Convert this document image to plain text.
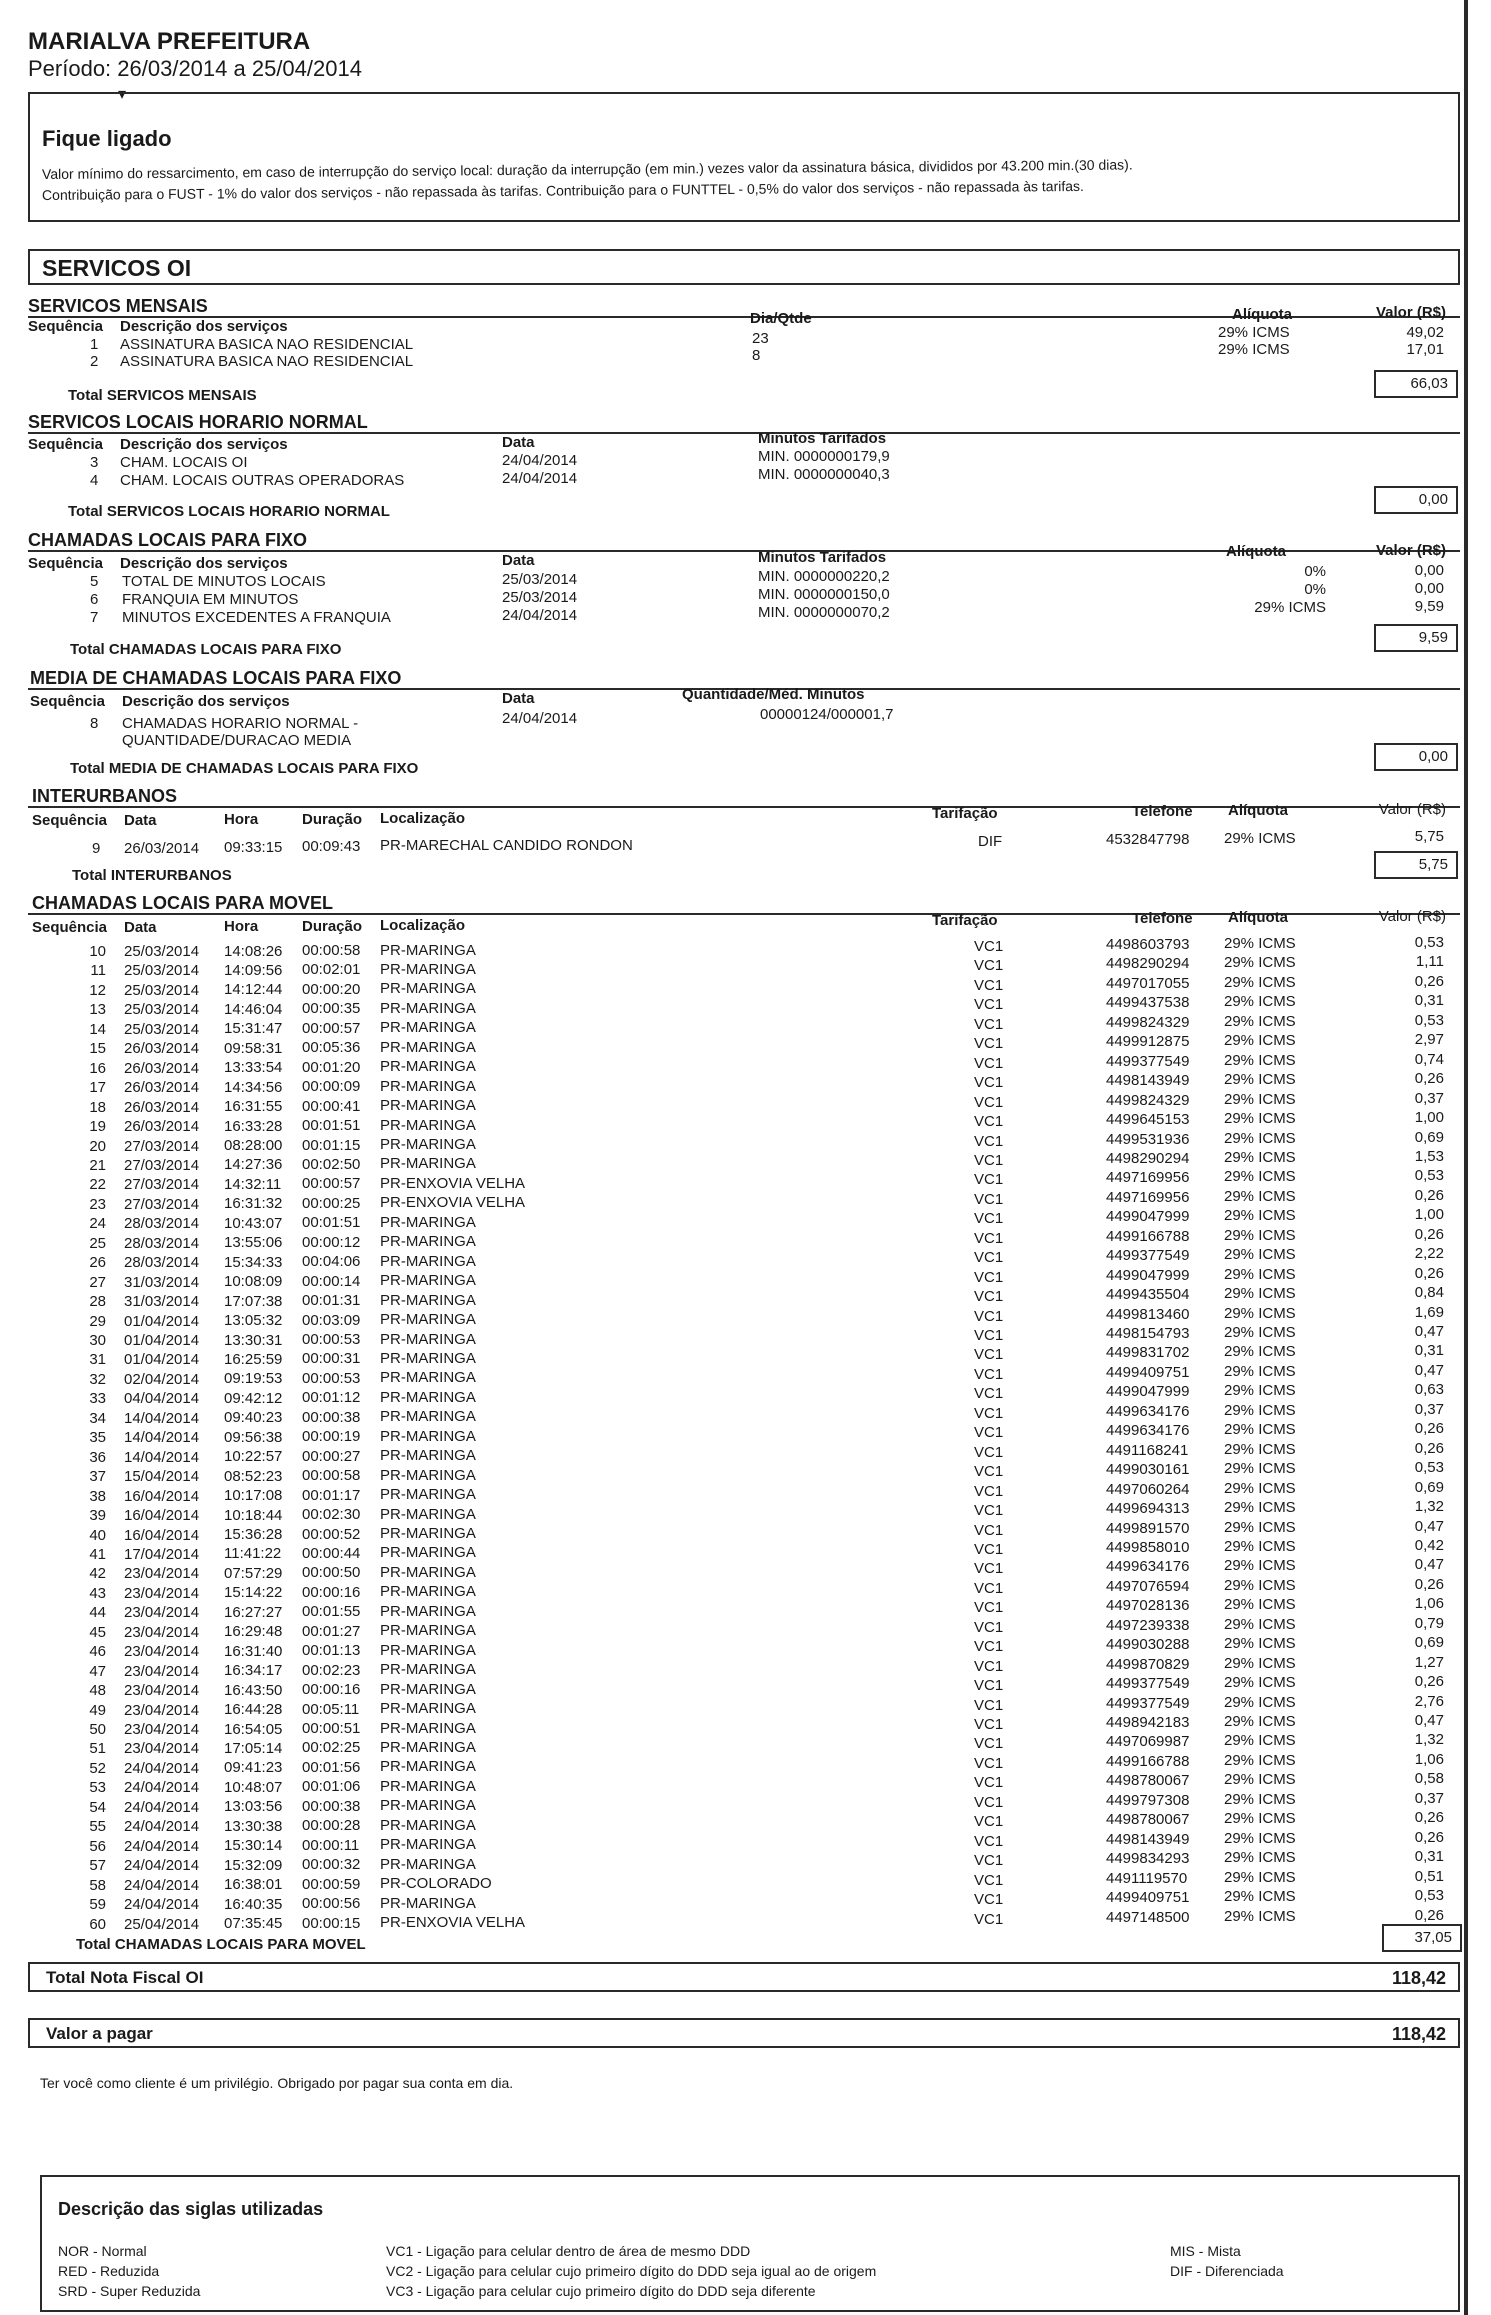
MARIALVA PREFEITURA
Período: 26/03/2014 a 25/04/2014
▾
Fique ligado
Valor mínimo do ressarcimento, em caso de interrupção do serviço local: duração da interrupção (em min.) vezes valor da assinatura básica, divididos por 43.200 min.(30 dias).
Contribuição para o FUST - 1% do valor dos serviços - não repassada às tarifas. Contribuição para o FUNTTEL - 0,5% do valor dos serviços - não repassada às tarifas.
SERVICOS OI
SERVICOS MENSAIS
Sequência Descrição dos serviços	Dia/Qtde	Alíquota	Valor (R$)
1 ASSINATURA BASICA NAO RESIDENCIAL	23	29% ICMS	49,02
2 ASSINATURA BASICA NAO RESIDENCIAL	8	29% ICMS	17,01
Total SERVICOS MENSAIS
66,03
SERVICOS LOCAIS HORARIO NORMAL
Sequência Descrição dos serviços	Data	Minutos Tarifados
3 CHAM. LOCAIS OI	24/04/2014	MIN. 0000000179,9
4 CHAM. LOCAIS OUTRAS OPERADORAS	24/04/2014	MIN. 0000000040,3
Total SERVICOS LOCAIS HORARIO NORMAL
0,00
CHAMADAS LOCAIS PARA FIXO
Sequência Descrição dos serviços	Data	Minutos Tarifados	Alíquota	Valor (R$)
5 TOTAL DE MINUTOS LOCAIS	25/03/2014	MIN. 0000000220,2	0%	0,00
6 FRANQUIA EM MINUTOS	25/03/2014	MIN. 0000000150,0	0%	0,00
7 MINUTOS EXCEDENTES A FRANQUIA	24/04/2014	MIN. 0000000070,2	29% ICMS	9,59
Total CHAMADAS LOCAIS PARA FIXO
9,59
MEDIA DE CHAMADAS LOCAIS PARA FIXO
Sequência Descrição dos serviços	Data	Quantidade/Méd. Minutos
8 CHAMADAS HORARIO NORMAL -
QUANTIDADE/DURACAO MEDIA
24/04/2014	00000124/000001,7
Total MEDIA DE CHAMADAS LOCAIS PARA FIXO
0,00
INTERURBANOS
Sequência Data	Hora	Duração Localização	Tarifação	Telefone Alíquota	Valor (R$)
9 26/03/2014 09:33:15 00:09:43 PR-MARECHAL CANDIDO RONDON	DIF	4532847798 29% ICMS	5,75
Total INTERURBANOS
5,75
CHAMADAS LOCAIS PARA MOVEL
Sequência Data	Hora	Duração Localização	Tarifação	Telefone Alíquota	Valor (R$)
10 25/03/2014 14:08:26 00:00:58 PR-MARINGA	VC1	4498603793 29% ICMS	0,53
11 25/03/2014 14:09:56 00:02:01 PR-MARINGA	VC1	4498290294 29% ICMS	1,11
12 25/03/2014 14:12:44 00:00:20 PR-MARINGA	VC1	4497017055 29% ICMS	0,26
13 25/03/2014 14:46:04 00:00:35 PR-MARINGA	VC1	4499437538 29% ICMS	0,31
14 25/03/2014 15:31:47 00:00:57 PR-MARINGA	VC1	4499824329 29% ICMS	0,53
15 26/03/2014 09:58:31 00:05:36 PR-MARINGA	VC1	4499912875 29% ICMS	2,97
16 26/03/2014 13:33:54 00:01:20 PR-MARINGA	VC1	4499377549 29% ICMS	0,74
17 26/03/2014 14:34:56 00:00:09 PR-MARINGA	VC1	4498143949 29% ICMS	0,26
18 26/03/2014 16:31:55 00:00:41 PR-MARINGA	VC1	4499824329 29% ICMS	0,37
19 26/03/2014 16:33:28 00:01:51 PR-MARINGA	VC1	4499645153 29% ICMS	1,00
20 27/03/2014 08:28:00 00:01:15 PR-MARINGA	VC1	4499531936 29% ICMS	0,69
21 27/03/2014 14:27:36 00:02:50 PR-MARINGA	VC1	4498290294 29% ICMS	1,53
22 27/03/2014 14:32:11 00:00:57 PR-ENXOVIA VELHA	VC1	4497169956 29% ICMS	0,53
23 27/03/2014 16:31:32 00:00:25 PR-ENXOVIA VELHA	VC1	4497169956 29% ICMS	0,26
24 28/03/2014 10:43:07 00:01:51 PR-MARINGA	VC1	4499047999 29% ICMS	1,00
25 28/03/2014 13:55:06 00:00:12 PR-MARINGA	VC1	4499166788 29% ICMS	0,26
26 28/03/2014 15:34:33 00:04:06 PR-MARINGA	VC1	4499377549 29% ICMS	2,22
27 31/03/2014 10:08:09 00:00:14 PR-MARINGA	VC1	4499047999 29% ICMS	0,26
28 31/03/2014 17:07:38 00:01:31 PR-MARINGA	VC1	4499435504 29% ICMS	0,84
29 01/04/2014 13:05:32 00:03:09 PR-MARINGA	VC1	4499813460 29% ICMS	1,69
30 01/04/2014 13:30:31 00:00:53 PR-MARINGA	VC1	4498154793 29% ICMS	0,47
31 01/04/2014 16:25:59 00:00:31 PR-MARINGA	VC1	4499831702 29% ICMS	0,31
32 02/04/2014 09:19:53 00:00:53 PR-MARINGA	VC1	4499409751 29% ICMS	0,47
33 04/04/2014 09:42:12 00:01:12 PR-MARINGA	VC1	4499047999 29% ICMS	0,63
34 14/04/2014 09:40:23 00:00:38 PR-MARINGA	VC1	4499634176 29% ICMS	0,37
35 14/04/2014 09:56:38 00:00:19 PR-MARINGA	VC1	4499634176 29% ICMS	0,26
36 14/04/2014 10:22:57 00:00:27 PR-MARINGA	VC1	4491168241 29% ICMS	0,26
37 15/04/2014 08:52:23 00:00:58 PR-MARINGA	VC1	4499030161 29% ICMS	0,53
38 16/04/2014 10:17:08 00:01:17 PR-MARINGA	VC1	4497060264 29% ICMS	0,69
39 16/04/2014 10:18:44 00:02:30 PR-MARINGA	VC1	4499694313 29% ICMS	1,32
40 16/04/2014 15:36:28 00:00:52 PR-MARINGA	VC1	4499891570 29% ICMS	0,47
41 17/04/2014 11:41:22 00:00:44 PR-MARINGA	VC1	4499858010 29% ICMS	0,42
42 23/04/2014 07:57:29 00:00:50 PR-MARINGA	VC1	4499634176 29% ICMS	0,47
43 23/04/2014 15:14:22 00:00:16 PR-MARINGA	VC1	4497076594 29% ICMS	0,26
44 23/04/2014 16:27:27 00:01:55 PR-MARINGA	VC1	4497028136 29% ICMS	1,06
45 23/04/2014 16:29:48 00:01:27 PR-MARINGA	VC1	4497239338 29% ICMS	0,79
46 23/04/2014 16:31:40 00:01:13 PR-MARINGA	VC1	4499030288 29% ICMS	0,69
47 23/04/2014 16:34:17 00:02:23 PR-MARINGA	VC1	4499870829 29% ICMS	1,27
48 23/04/2014 16:43:50 00:00:16 PR-MARINGA	VC1	4499377549 29% ICMS	0,26
49 23/04/2014 16:44:28 00:05:11 PR-MARINGA	VC1	4499377549 29% ICMS	2,76
50 23/04/2014 16:54:05 00:00:51 PR-MARINGA	VC1	4498942183 29% ICMS	0,47
51 23/04/2014 17:05:14 00:02:25 PR-MARINGA	VC1	4497069987 29% ICMS	1,32
52 24/04/2014 09:41:23 00:01:56 PR-MARINGA	VC1	4499166788 29% ICMS	1,06
53 24/04/2014 10:48:07 00:01:06 PR-MARINGA	VC1	4498780067 29% ICMS	0,58
54 24/04/2014 13:03:56 00:00:38 PR-MARINGA	VC1	4499797308 29% ICMS	0,37
55 24/04/2014 13:30:38 00:00:28 PR-MARINGA	VC1	4498780067 29% ICMS	0,26
56 24/04/2014 15:30:14 00:00:11 PR-MARINGA	VC1	4498143949 29% ICMS	0,26
57 24/04/2014 15:32:09 00:00:32 PR-MARINGA	VC1	4499834293 29% ICMS	0,31
58 24/04/2014 16:38:01 00:00:59 PR-COLORADO	VC1	4491119570 29% ICMS	0,51
59 24/04/2014 16:40:35 00:00:56 PR-MARINGA	VC1	4499409751 29% ICMS	0,53
60 25/04/2014 07:35:45 00:00:15 PR-ENXOVIA VELHA	VC1	4497148500 29% ICMS	0,26
Total CHAMADAS LOCAIS PARA MOVEL	37,05
Total Nota Fiscal OI	118,42
Valor a pagar	118,42
Ter você como cliente é um privilégio. Obrigado por pagar sua conta em dia.
Descrição das siglas utilizadas
NOR - Normal
RED - Reduzida
SRD - Super Reduzida
VC1 - Ligação para celular dentro de área de mesmo DDD
VC2 - Ligação para celular cujo primeiro dígito do DDD seja igual ao de origem
VC3 - Ligação para celular cujo primeiro dígito do DDD seja diferente
MIS - Mista
DIF - Diferenciada
